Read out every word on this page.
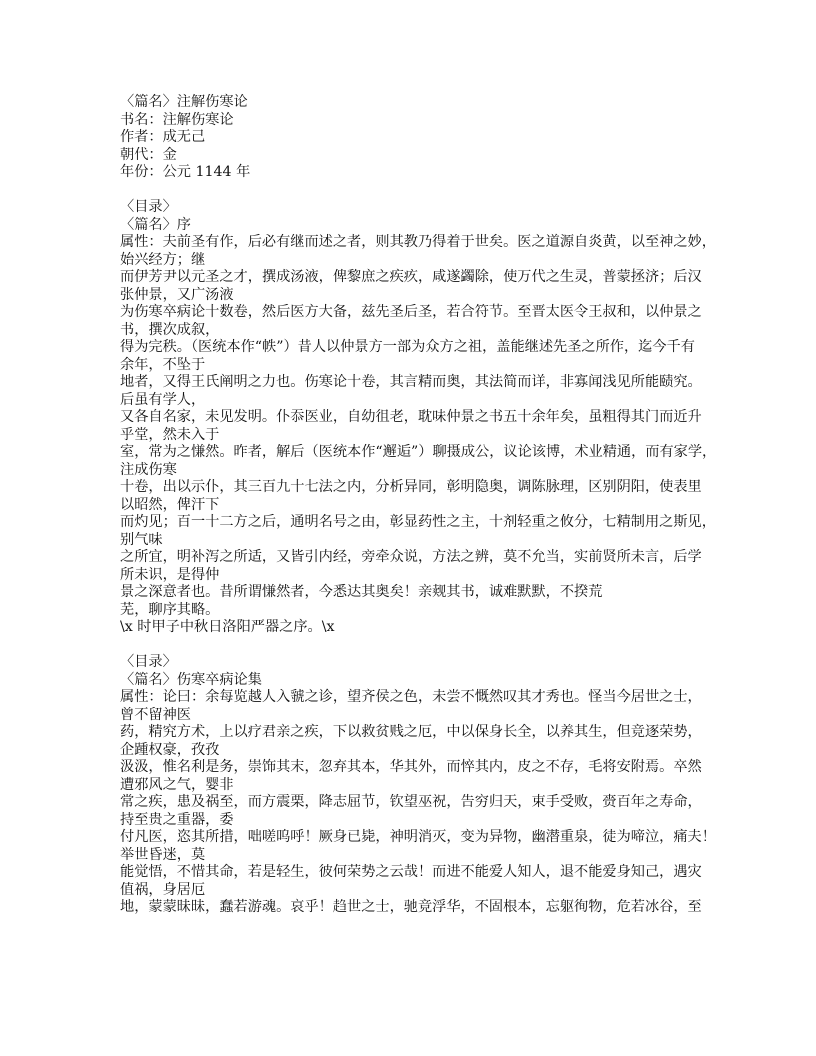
〈篇名〉注解伤寒论
书名：注解伤寒论
作者：成无己
朝代：金
年份：公元 1144 年
〈目录〉
〈篇名〉序
属性：夫前圣有作，后必有继而述之者，则其教乃得着于世矣。医之道源自炎黄，以至神之妙，
始兴经方；继
而伊芳尹以元圣之才，撰成汤液，俾黎庶之疾疚，咸遂蠲除，使万代之生灵，普蒙拯济；后汉
张仲景，又广汤液
为伤寒卒病论十数卷，然后医方大备，兹先圣后圣，若合符节。至晋太医令王叔和，以仲景之
书，撰次成叙，
得为完秩。（医统本作“帙”）昔人以仲景方一部为众方之祖，盖能继述先圣之所作，迄今千有
余年，不坠于
地者，又得王氏阐明之力也。伤寒论十卷，其言精而奥，其法简而详，非寡闻浅见所能赜究。
后虽有学人，
又各自名家，未见发明。仆忝医业，自幼徂老，耽味仲景之书五十余年矣，虽粗得其门而近升
乎堂，然未入于
室，常为之慊然。昨者，解后（医统本作“邂逅”）聊摄成公，议论该博，术业精通，而有家学，
注成伤寒
十卷，出以示仆，其三百九十七法之内，分析异同，彰明隐奥，调陈脉理，区别阴阳，使表里
以昭然，俾汗下
而灼见；百一十二方之后，通明名号之由，彰显药性之主，十剂轻重之攸分，七精制用之斯见，
别气味
之所宜，明补泻之所适，又皆引内经，旁牵众说，方法之辨，莫不允当，实前贤所未言，后学
所未识，是得仲
景之深意者也。昔所谓慊然者，今悉达其奥矣！亲觌其书，诚难默默，不揆荒
芜，聊序其略。
\x 时甲子中秋日洛阳严器之序。\x
〈目录〉
〈篇名〉伤寒卒病论集
属性：论曰：余每览越人入虢之诊，望齐侯之色，未尝不慨然叹其才秀也。怪当今居世之士，
曾不留神医
药，精究方术，上以疗君亲之疾，下以救贫贱之厄，中以保身长全，以养其生，但竞逐荣势，
企踵权豪，孜孜
汲汲，惟名利是务，崇饰其末，忽弃其本，华其外，而悴其内，皮之不存，毛将安附焉。卒然
遭邪风之气，婴非
常之疾，患及祸至，而方震栗，降志屈节，钦望巫祝，告穷归天，束手受败，赍百年之寿命，
持至贵之重器，委
付凡医，恣其所措，咄嗟呜呼！厥身已毙，神明消灭，变为异物，幽潜重泉，徒为啼泣，痛夫！
举世昏迷，莫
能觉悟，不惜其命，若是轻生，彼何荣势之云哉！而进不能爱人知人，退不能爱身知己，遇灾
值祸，身居厄
地，蒙蒙昧昧，蠢若游魂。哀乎！趋世之士，驰竞浮华，不固根本，忘躯徇物，危若冰谷，至
